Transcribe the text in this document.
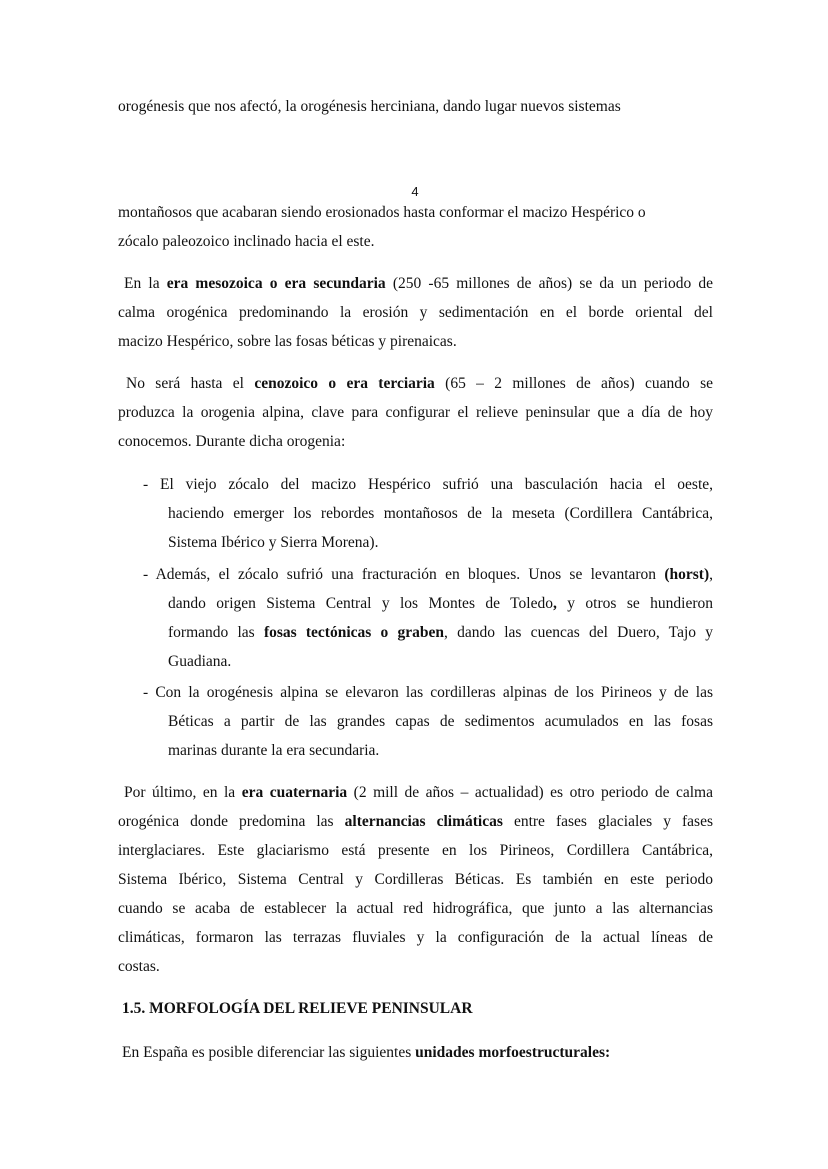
orogénesis que nos afectó, la orogénesis herciniana, dando lugar nuevos sistemas
4
montañosos que acabaran siendo erosionados hasta conformar el macizo Hespérico o
zócalo paleozoico inclinado hacia el este.
En la era mesozoica o era secundaria (250 -65 millones de años) se da un periodo de
calma orogénica predominando la erosión y sedimentación en el borde oriental del
macizo Hespérico, sobre las fosas béticas y pirenaicas.
No será hasta el cenozoico o era terciaria (65 – 2 millones de años) cuando se
produzca la orogenia alpina, clave para configurar el relieve peninsular que a día de hoy
conocemos. Durante dicha orogenia:
- El viejo zócalo del macizo Hespérico sufrió una basculación hacia el oeste,
haciendo emerger los rebordes montañosos de la meseta (Cordillera Cantábrica,
Sistema Ibérico y Sierra Morena).
- Además, el zócalo sufrió una fracturación en bloques. Unos se levantaron (horst),
dando origen Sistema Central y los Montes de Toledo, y otros se hundieron
formando las fosas tectónicas o graben, dando las cuencas del Duero, Tajo y
Guadiana.
- Con la orogénesis alpina se elevaron las cordilleras alpinas de los Pirineos y de las
Béticas a partir de las grandes capas de sedimentos acumulados en las fosas
marinas durante la era secundaria.
Por último, en la era cuaternaria (2 mill de años – actualidad) es otro periodo de calma
orogénica donde predomina las alternancias climáticas entre fases glaciales y fases
interglaciares. Este glaciarismo está presente en los Pirineos, Cordillera Cantábrica,
Sistema Ibérico, Sistema Central y Cordilleras Béticas. Es también en este periodo
cuando se acaba de establecer la actual red hidrográfica, que junto a las alternancias
climáticas, formaron las terrazas fluviales y la configuración de la actual líneas de
costas.
1.5. MORFOLOGÍA DEL RELIEVE PENINSULAR
En España es posible diferenciar las siguientes unidades morfoestructurales:
